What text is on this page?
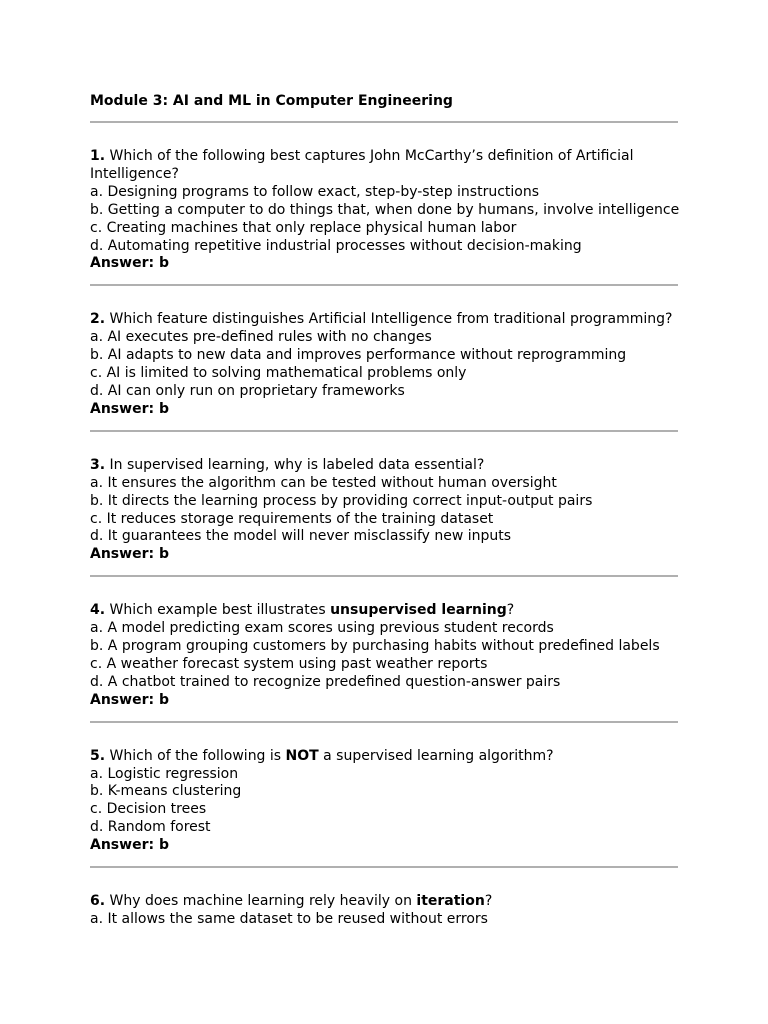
Module 3: AI and ML in Computer Engineering

1. Which of the following best captures John McCarthy’s definition of Artificial Intelligence?

a. Designing programs to follow exact, step-by-step instructions

b. Getting a computer to do things that, when done by humans, involve intelligence

c. Creating machines that only replace physical human labor

d. Automating repetitive industrial processes without decision-making

Answer: b

2. Which feature distinguishes Artificial Intelligence from traditional programming?

a. AI executes pre-defined rules with no changes

b. AI adapts to new data and improves performance without reprogramming

c. AI is limited to solving mathematical problems only

d. AI can only run on proprietary frameworks

Answer: b

3. In supervised learning, why is labeled data essential?

a. It ensures the algorithm can be tested without human oversight

b. It directs the learning process by providing correct input-output pairs

c. It reduces storage requirements of the training dataset

d. It guarantees the model will never misclassify new inputs

Answer: b

4. Which example best illustrates unsupervised learning?

a. A model predicting exam scores using previous student records

b. A program grouping customers by purchasing habits without predefined labels

c. A weather forecast system using past weather reports

d. A chatbot trained to recognize predefined question-answer pairs

Answer: b

5. Which of the following is NOT a supervised learning algorithm?

a. Logistic regression

b. K-means clustering

c. Decision trees

d. Random forest

Answer: b

6. Why does machine learning rely heavily on iteration?

a. It allows the same dataset to be reused without errors
